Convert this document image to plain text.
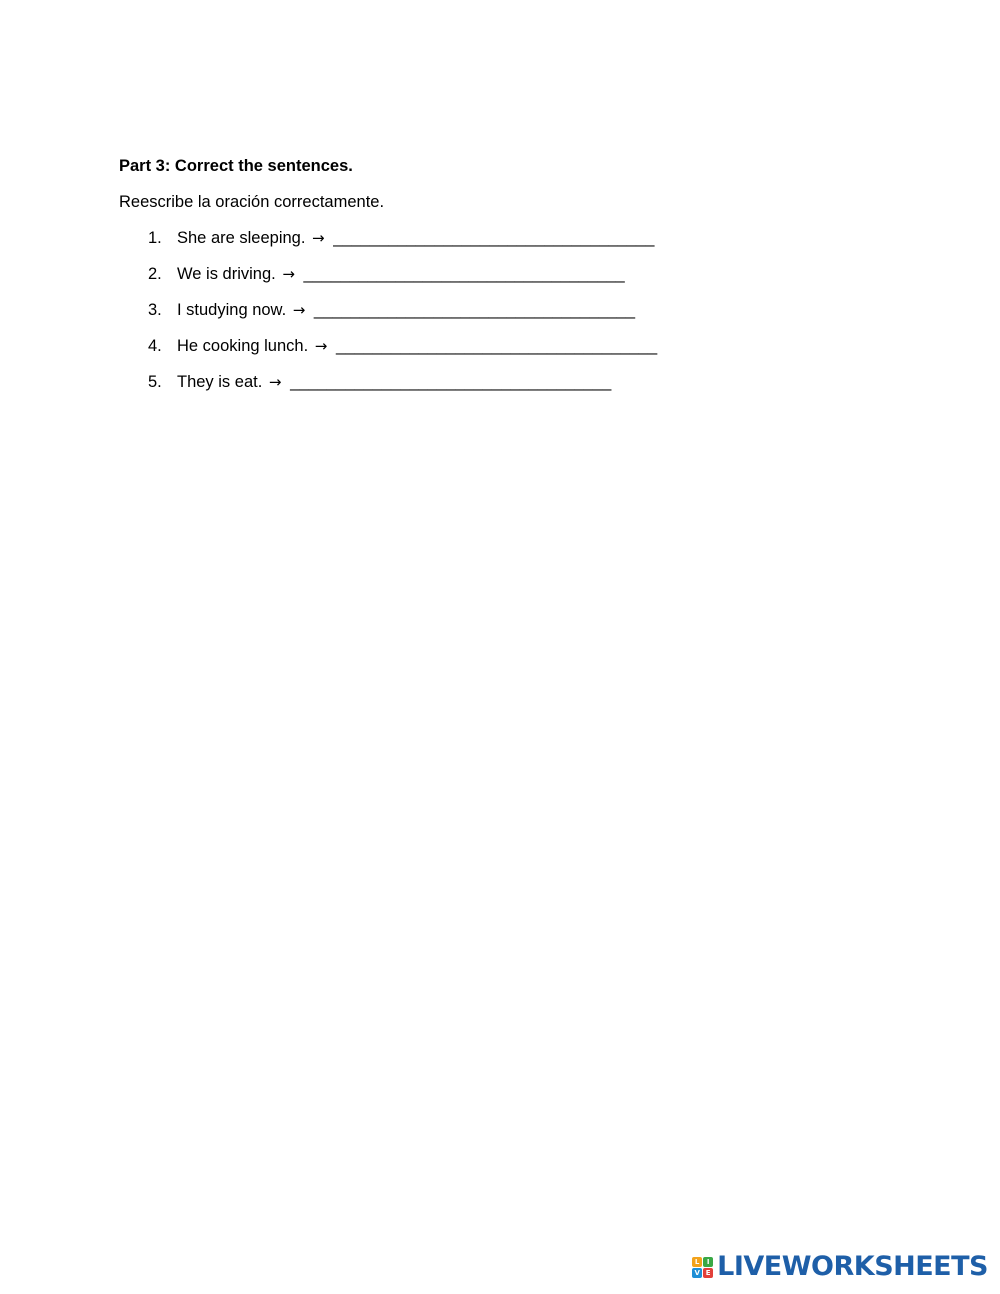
Part 3: Correct the sentences.

Reescribe la oración correctamente.

1. She are sleeping. → ___________________________________
2. We is driving. → ___________________________________
3. I studying now. → ___________________________________
4. He cooking lunch. → ___________________________________
5. They is eat. → ___________________________________
L	I
V E LIVEWORKSHEETS
